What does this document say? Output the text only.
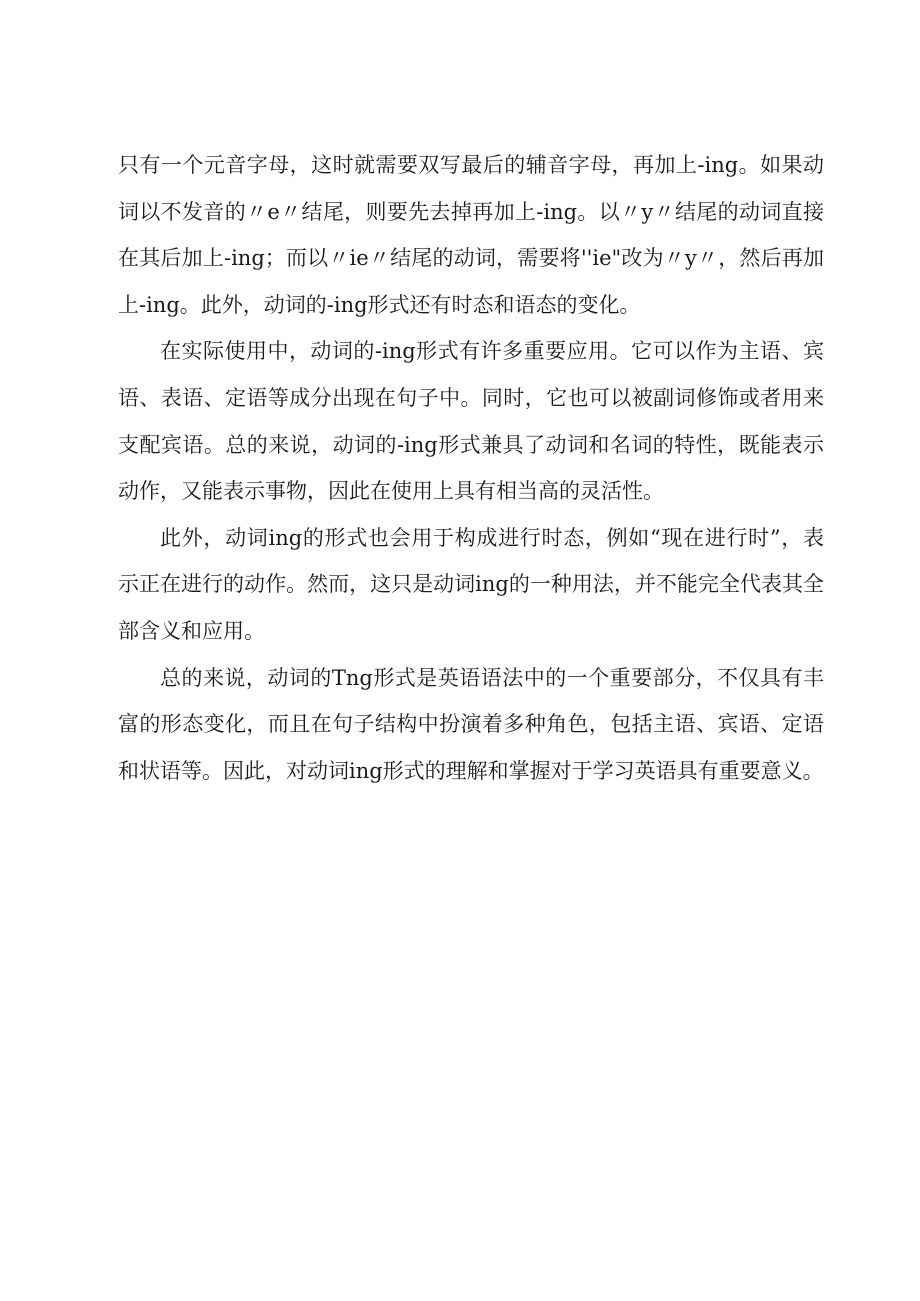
只有一个元音字母，这时就需要双写最后的辅音字母，再加上-ing。如果动词以不发音的〃e〃结尾，则要先去掉再加上-ing。以〃y〃结尾的动词直接在其后加上-ing；而以〃ie〃结尾的动词，需要将''ie"改为〃y〃，然后再加上-ing。此外，动词的-ing形式还有时态和语态的变化。

在实际使用中，动词的-ing形式有许多重要应用。它可以作为主语、宾语、表语、定语等成分出现在句子中。同时，它也可以被副词修饰或者用来支配宾语。总的来说，动词的-ing形式兼具了动词和名词的特性，既能表示动作，又能表示事物，因此在使用上具有相当高的灵活性。

此外，动词ing的形式也会用于构成进行时态，例如“现在进行时”，表示正在进行的动作。然而，这只是动词ing的一种用法，并不能完全代表其全部含义和应用。

总的来说，动词的Tng形式是英语语法中的一个重要部分，不仅具有丰富的形态变化，而且在句子结构中扮演着多种角色，包括主语、宾语、定语和状语等。因此，对动词ing形式的理解和掌握对于学习英语具有重要意义。
